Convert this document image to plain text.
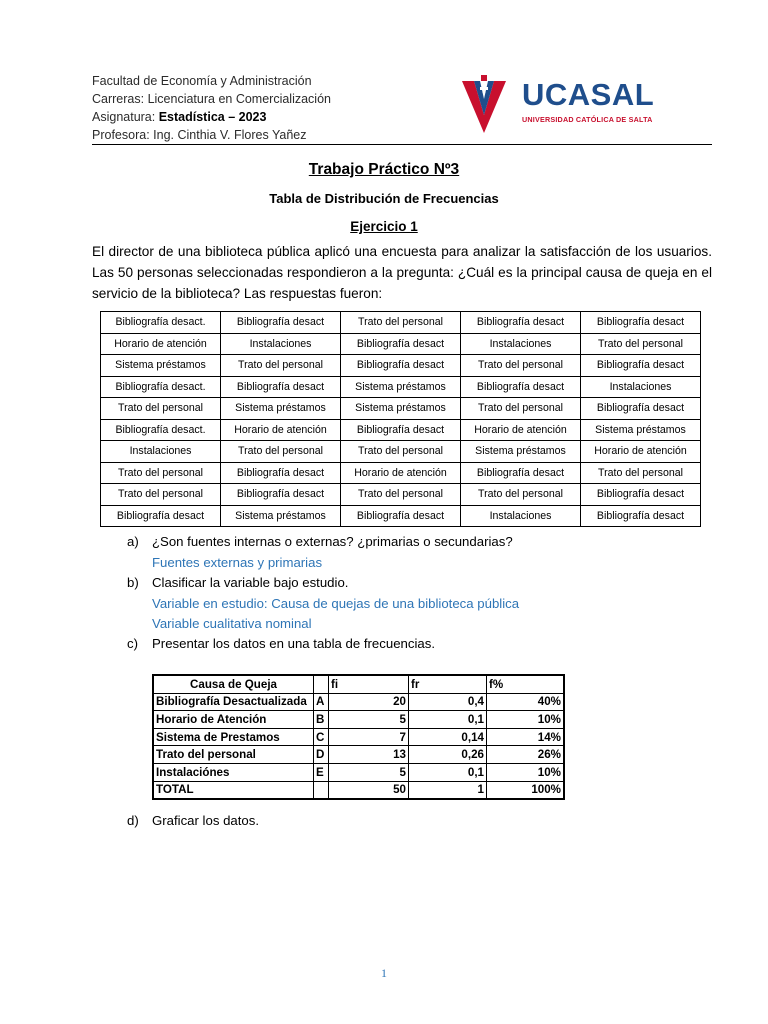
Facultad de Economía y Administración
Carreras: Licenciatura en Comercialización
Asignatura: Estadística – 2023
Profesora: Ing. Cinthia V. Flores Yañez
UCASAL
UNIVERSIDAD CATÓLICA DE SALTA
Trabajo Práctico Nº3
Tabla de Distribución de Frecuencias
Ejercicio 1
El director de una biblioteca pública aplicó una encuesta para analizar la satisfacción de los usuarios. Las 50 personas seleccionadas respondieron a la pregunta: ¿Cuál es la principal causa de queja en el servicio de la biblioteca? Las respuestas fueron:
Bibliografía desact.	Bibliografía desact	Trato del personal	Bibliografía desact	Bibliografía desact
Horario de atención	Instalaciones	Bibliografía desact	Instalaciones	Trato del personal
Sistema préstamos	Trato del personal	Bibliografía desact	Trato del personal	Bibliografía desact
Bibliografía desact.	Bibliografía desact	Sistema préstamos	Bibliografía desact	Instalaciones
Trato del personal	Sistema préstamos	Sistema préstamos	Trato del personal	Bibliografía desact
Bibliografía desact.	Horario de atención	Bibliografía desact	Horario de atención	Sistema préstamos
Instalaciones	Trato del personal	Trato del personal	Sistema préstamos	Horario de atención
Trato del personal	Bibliografía desact	Horario de atención	Bibliografía desact	Trato del personal
Trato del personal	Bibliografía desact	Trato del personal	Trato del personal	Bibliografía desact
Bibliografía desact	Sistema préstamos	Bibliografía desact	Instalaciones	Bibliografía desact
a)	¿Son fuentes internas o externas? ¿primarias o secundarias?
Fuentes externas y primarias
b)	Clasificar la variable bajo estudio.
Variable en estudio: Causa de quejas de una biblioteca pública
Variable cualitativa nominal
c)	Presentar los datos en una tabla de frecuencias.
Causa de Queja		fi	fr	f%
Bibliografía Desactualizada	A	20	0,4	40%
Horario de Atención	B	5	0,1	10%
Sistema de Prestamos	C	7	0,14	14%
Trato del personal	D	13	0,26	26%
Instalaciónes	E	5	0,1	10%
TOTAL		50	1	100%
d)	Graficar los datos.
1
